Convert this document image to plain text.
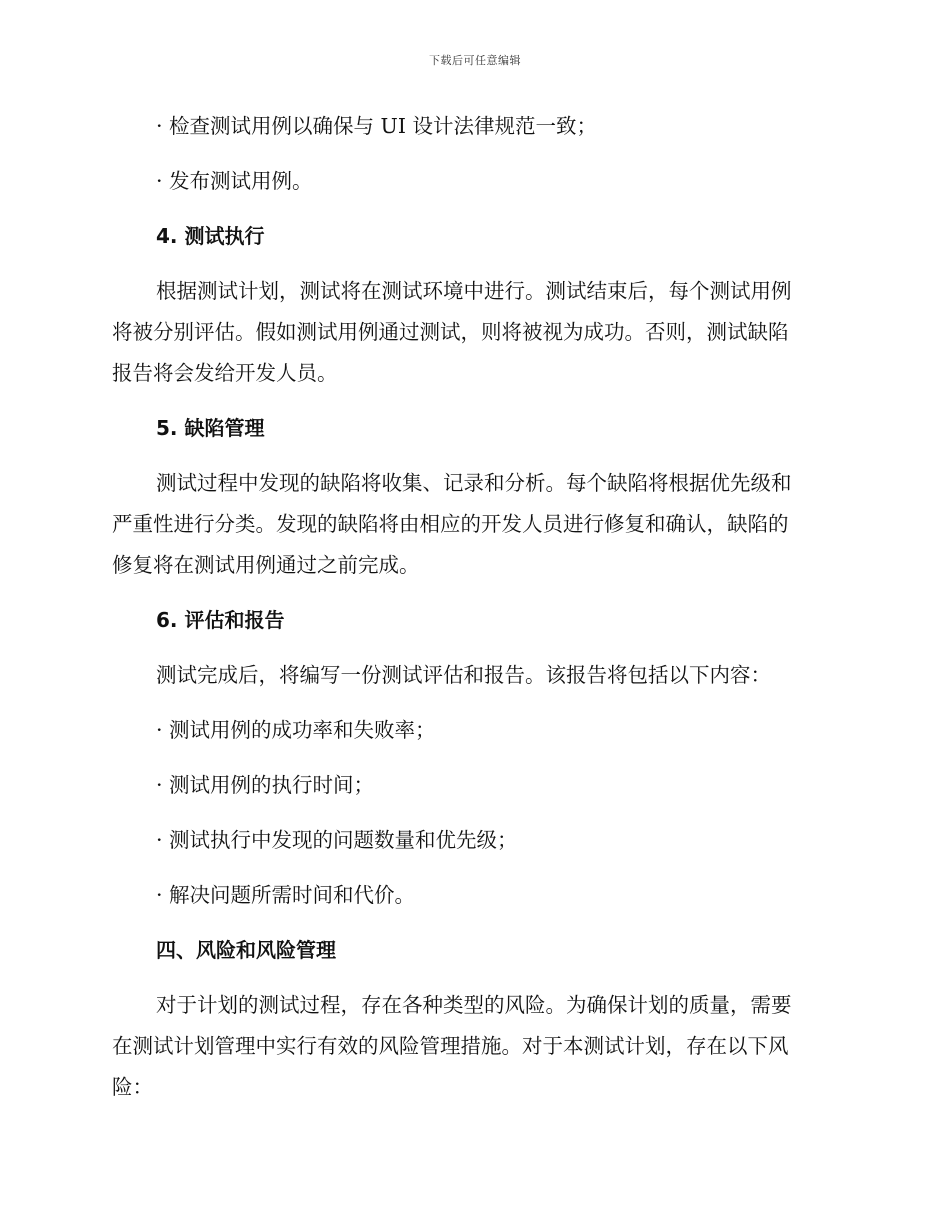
下载后可任意编辑

· 检查测试用例以确保与 UI 设计法律规范一致；

· 发布测试用例。

4. 测试执行
根据测试计划，测试将在测试环境中进行。测试结束后，每个测试用例
将被分别评估。假如测试用例通过测试，则将被视为成功。否则，测试缺陷
报告将会发给开发人员。
5. 缺陷管理
测试过程中发现的缺陷将收集、记录和分析。每个缺陷将根据优先级和
严重性进行分类。发现的缺陷将由相应的开发人员进行修复和确认，缺陷的
修复将在测试用例通过之前完成。
6. 评估和报告

测试完成后，将编写一份测试评估和报告。该报告将包括以下内容：

· 测试用例的成功率和失败率；

· 测试用例的执行时间；

· 测试执行中发现的问题数量和优先级；

· 解决问题所需时间和代价。

四、风险和风险管理
对于计划的测试过程，存在各种类型的风险。为确保计划的质量，需要
在测试计划管理中实行有效的风险管理措施。对于本测试计划，存在以下风
险：
